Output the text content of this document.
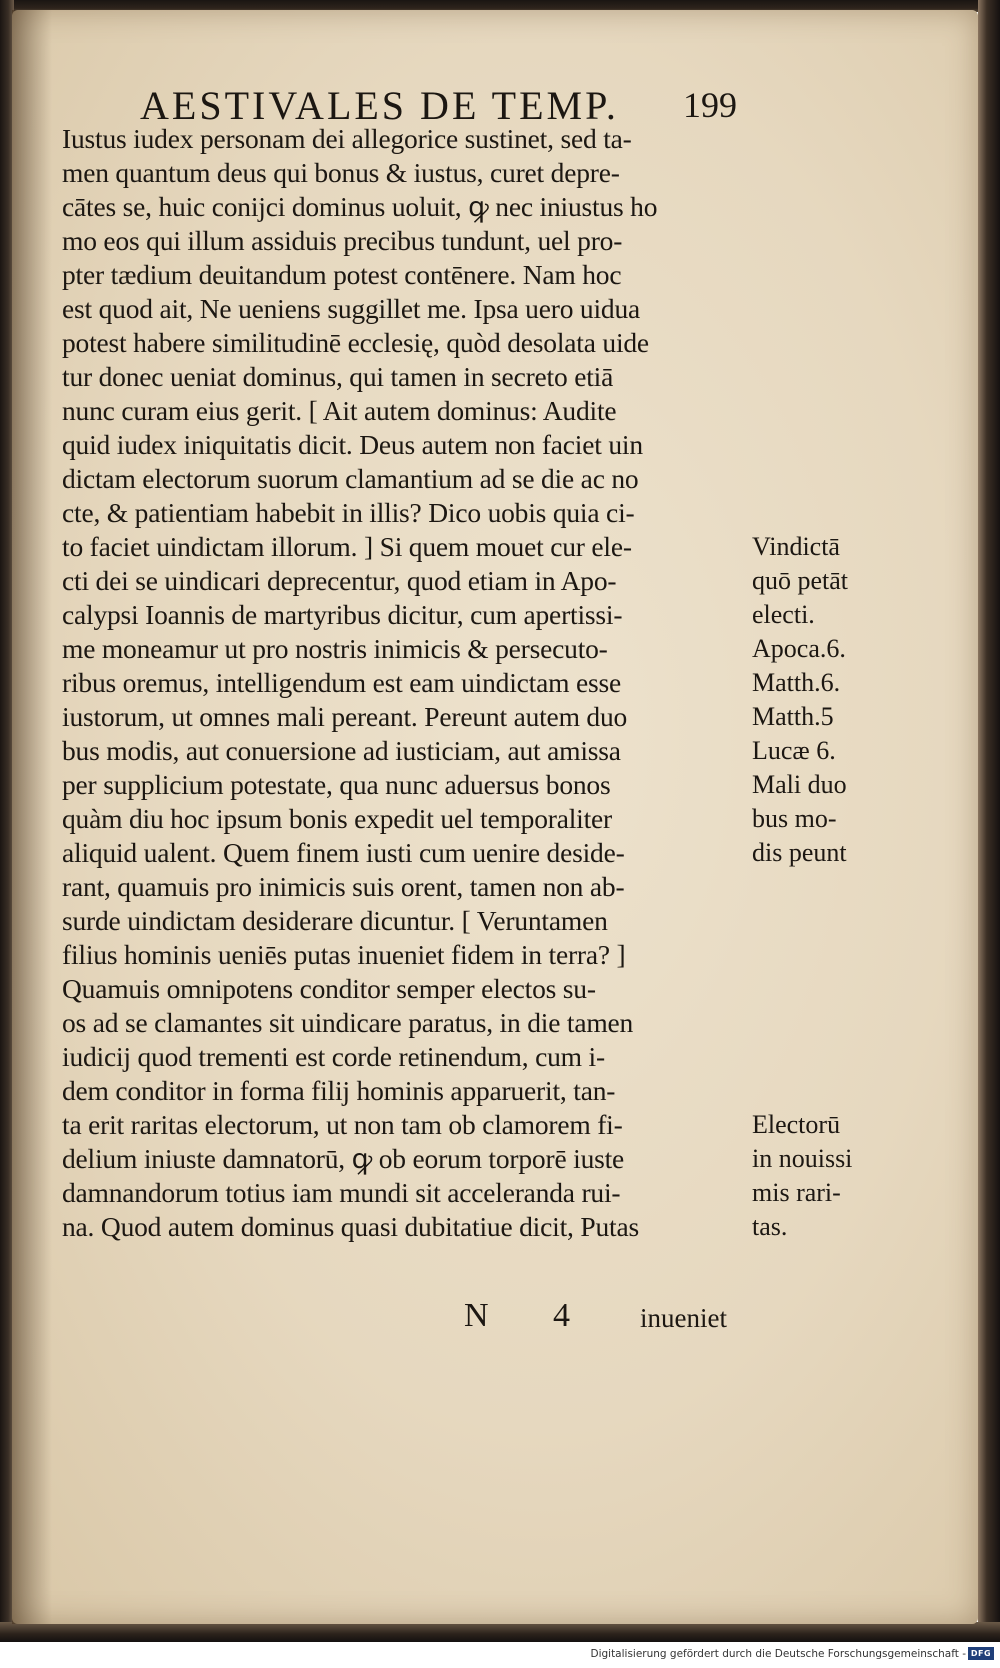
AESTIVALES DE TEMP. 199
Iustus iudex personam dei allegorice sustinet, sed ta-
men quantum deus qui bonus & iustus, curet depre-
cātes se, huic conijci dominus uoluit, ꝙ nec iniustus ho
mo eos qui illum assiduis precibus tundunt, uel pro-
pter tædium deuitandum potest contēnere. Nam hoc
est quod ait, Ne ueniens suggillet me. Ipsa uero uidua
potest habere similitudinē ecclesię, quòd desolata uide
tur donec ueniat dominus, qui tamen in secreto etiā
nunc curam eius gerit. [ Ait autem dominus: Audite
quid iudex iniquitatis dicit. Deus autem non faciet uin
dictam electorum suorum clamantium ad se die ac no
cte, & patientiam habebit in illis? Dico uobis quia ci-
to faciet uindictam illorum. ] Si quem mouet cur ele-
cti dei se uindicari deprecentur, quod etiam in Apo-
calypsi Ioannis de martyribus dicitur, cum apertissi-
me moneamur ut pro nostris inimicis & persecuto-
ribus oremus, intelligendum est eam uindictam esse
iustorum, ut omnes mali pereant. Pereunt autem duo
bus modis, aut conuersione ad iusticiam, aut amissa
per supplicium potestate, qua nunc aduersus bonos
quàm diu hoc ipsum bonis expedit uel temporaliter
aliquid ualent. Quem finem iusti cum uenire deside-
rant, quamuis pro inimicis suis orent, tamen non ab-
surde uindictam desiderare dicuntur. [ Veruntamen
filius hominis ueniēs putas inueniet fidem in terra? ]
Quamuis omnipotens conditor semper electos su-
os ad se clamantes sit uindicare paratus, in die tamen
iudicij quod trementi est corde retinendum, cum i-
dem conditor in forma filij hominis apparuerit, tan-
ta erit raritas electorum, ut non tam ob clamorem fi-
delium iniuste damnatorū, ꝙ ob eorum torporē iuste
damnandorum totius iam mundi sit acceleranda rui-
na. Quod autem dominus quasi dubitatiue dicit, Putas
Vindictā
quō petāt
electi.
Apoca.6.
Matth.6.
Matth.5
Lucæ 6.
Mali duo
bus mo-
dis peunt
Electorū
in nouissi
mis rari-
tas.
N 4 inueniet
Digitalisierung gefördert durch die Deutsche Forschungsgemeinschaft - DFG
